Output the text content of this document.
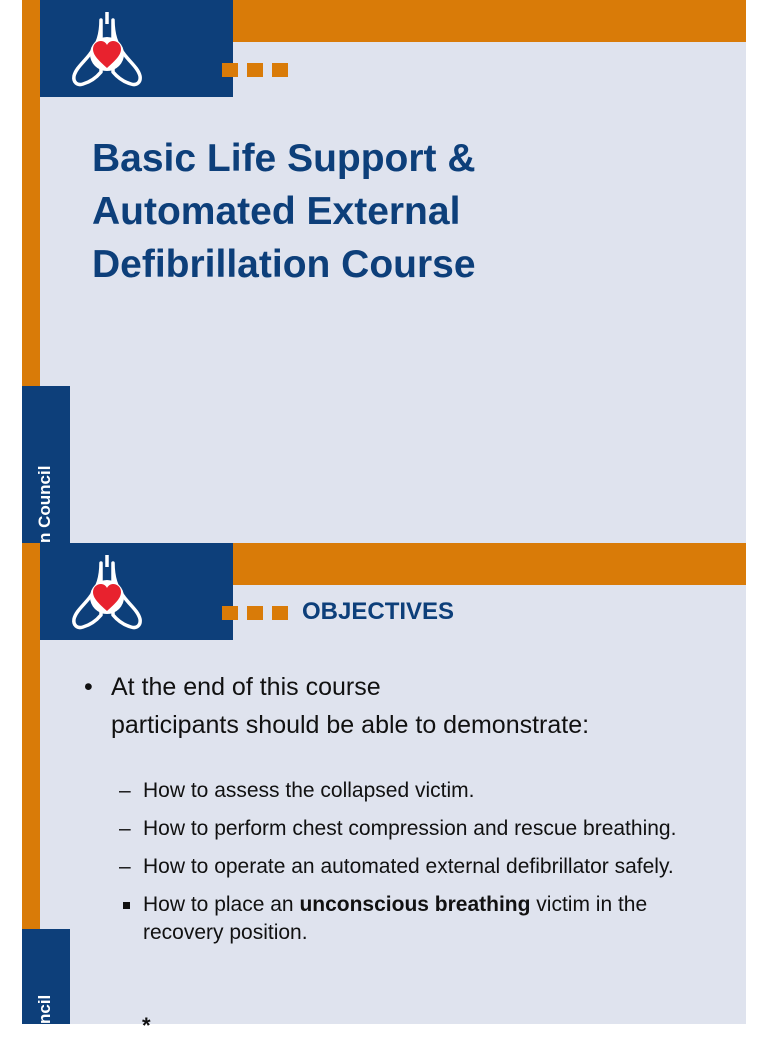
Basic Life Support &
Automated External
Defibrillation Course
n Council
OBJECTIVES
• At the end of this course
participants should be able to demonstrate:
– How to assess the collapsed victim.
– How to perform chest compression and rescue breathing.
– How to operate an automated external defibrillator safely.
How to place an unconscious breathing victim in the recovery position.
ncil
*
